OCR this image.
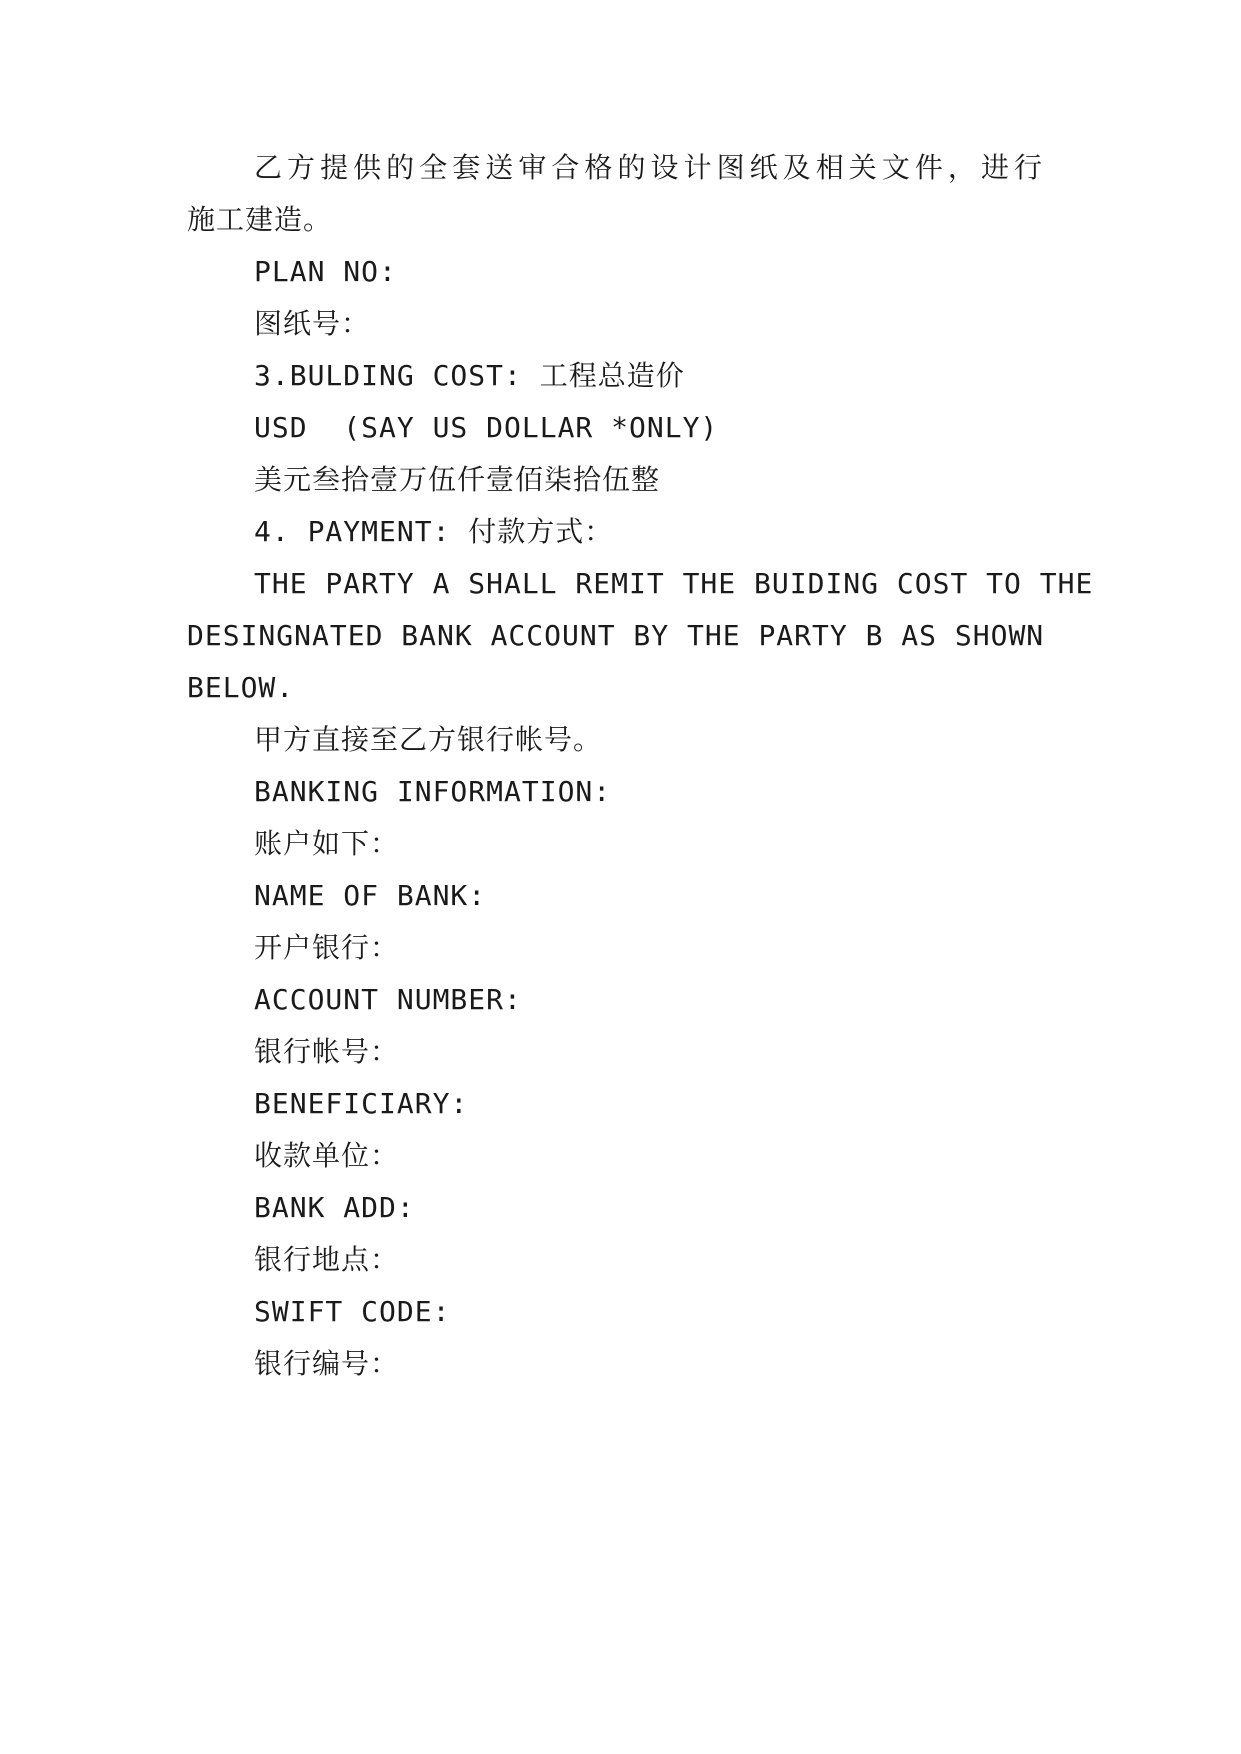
乙方提供的全套送审合格的设计图纸及相关文件，进行
施工建造。
PLAN NO:
图纸号：
3.BULDING COST: 工程总造价
USD  (SAY US DOLLAR *ONLY)
美元叁拾壹万伍仟壹佰柒拾伍整
4. PAYMENT: 付款方式：
THE PARTY A SHALL REMIT THE BUIDING COST TO THE
DESINGNATED BANK ACCOUNT BY THE PARTY B AS SHOWN
BELOW.
甲方直接至乙方银行帐号。
BANKING INFORMATION:
账户如下：
NAME OF BANK:
开户银行：
ACCOUNT NUMBER:
银行帐号：
BENEFICIARY:
收款单位：
BANK ADD:
银行地点：
SWIFT CODE:
银行编号：
